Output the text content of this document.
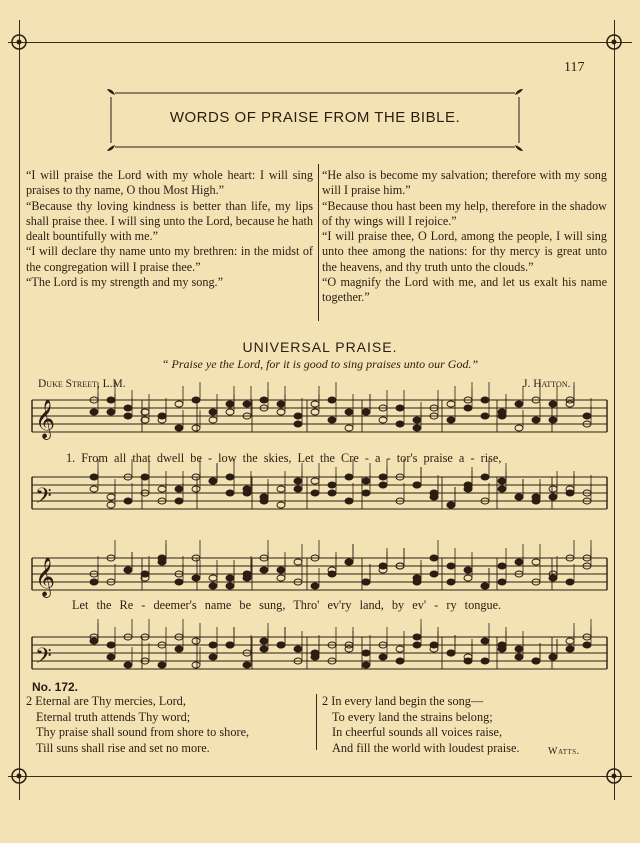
117
WORDS OF PRAISE FROM THE BIBLE.

“I will praise the Lord with my whole heart: I will sing praises to thy name, O thou Most High.”

“Because thy loving kindness is better than life, my lips shall praise thee. I will sing unto the Lord, because he hath dealt bountifully with me.”

“I will declare thy name unto my brethren: in the midst of the congregation will I praise thee.”

“The Lord is my strength and my song.”

“He also is become my salvation; therefore with my song will I praise him.”

“Because thou hast been my help, therefore in the shadow of thy wings will I rejoice.”

“I will praise thee, O Lord, among the people, I will sing unto thee among the nations: for thy mercy is great unto the heavens, and thy truth unto the clouds.”

“O magnify the Lord with me, and let us exalt his name together.”

UNIVERSAL PRAISE.
“ Praise ye the Lord, for it is good to sing praises unto our God.”
Duke Street, L.M.	J. Hatton.
𝄞
𝄢
𝄞
𝄢
1. From all that dwell be - low the skies, Let the Cre - a - tor's praise a - rise,
Let the Re - deemer's name be sung, Thro' ev'ry land, by ev' - ry tongue.
No. 172.

2 Eternal are Thy mercies, Lord,

Eternal truth attends Thy word;

Thy praise shall sound from shore to shore,

Till suns shall rise and set no more.

2 In every land begin the song—

To every land the strains belong;

In cheerful sounds all voices raise,

And fill the world with loudest praise.	Watts.
